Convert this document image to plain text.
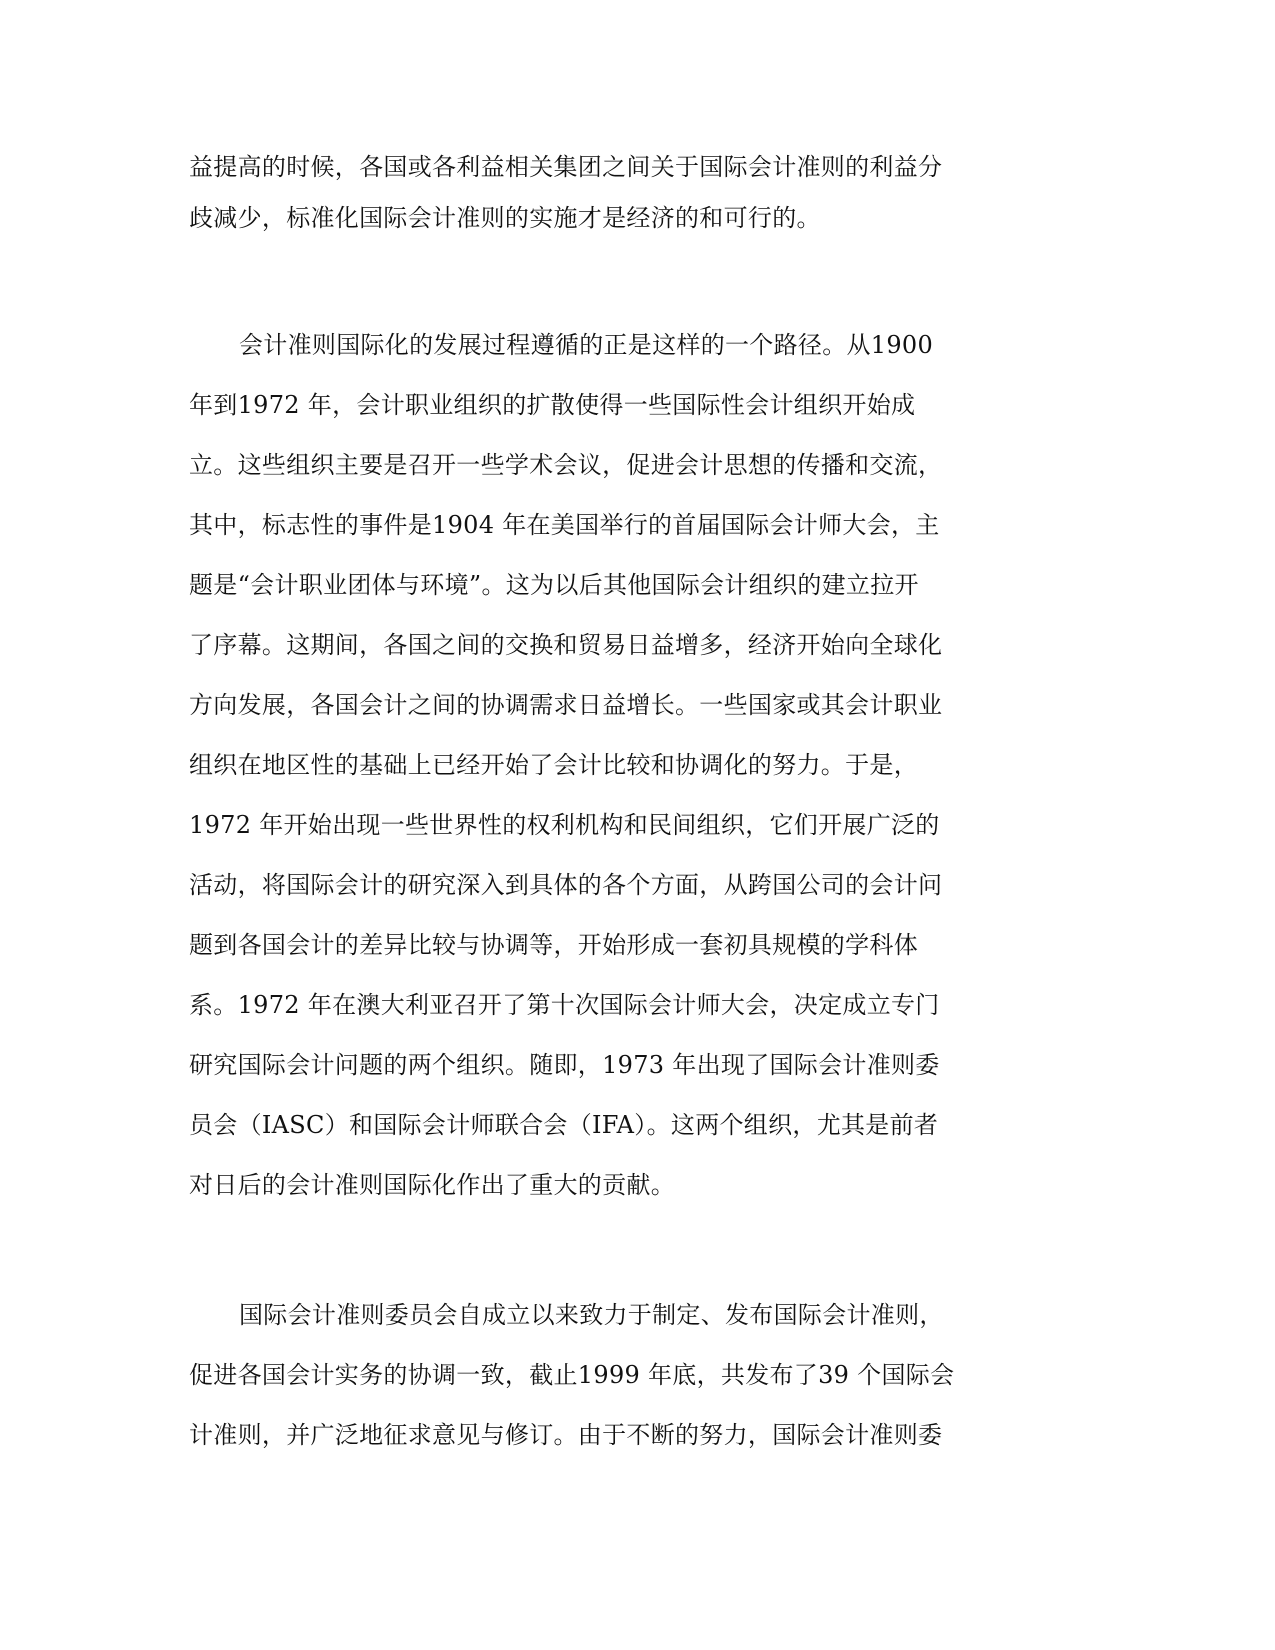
益提高的时候，各国或各利益相关集团之间关于国际会计准则的利益分

歧减少，标准化国际会计准则的实施才是经济的和可行的。

会计准则国际化的发展过程遵循的正是这样的一个路径。从1900

年到1972 年，会计职业组织的扩散使得一些国际性会计组织开始成

立。这些组织主要是召开一些学术会议，促进会计思想的传播和交流，

其中，标志性的事件是1904 年在美国举行的首届国际会计师大会，主

题是“会计职业团体与环境”。这为以后其他国际会计组织的建立拉开

了序幕。这期间，各国之间的交换和贸易日益增多，经济开始向全球化

方向发展，各国会计之间的协调需求日益增长。一些国家或其会计职业

组织在地区性的基础上已经开始了会计比较和协调化的努力。于是，

1972 年开始出现一些世界性的权利机构和民间组织，它们开展广泛的

活动，将国际会计的研究深入到具体的各个方面，从跨国公司的会计问

题到各国会计的差异比较与协调等，开始形成一套初具规模的学科体

系。1972 年在澳大利亚召开了第十次国际会计师大会，决定成立专门

研究国际会计问题的两个组织。随即，1973 年出现了国际会计准则委

员会（IASC）和国际会计师联合会（IFA）。这两个组织，尤其是前者

对日后的会计准则国际化作出了重大的贡献。

国际会计准则委员会自成立以来致力于制定、发布国际会计准则，

促进各国会计实务的协调一致，截止1999 年底，共发布了39 个国际会

计准则，并广泛地征求意见与修订。由于不断的努力，国际会计准则委
